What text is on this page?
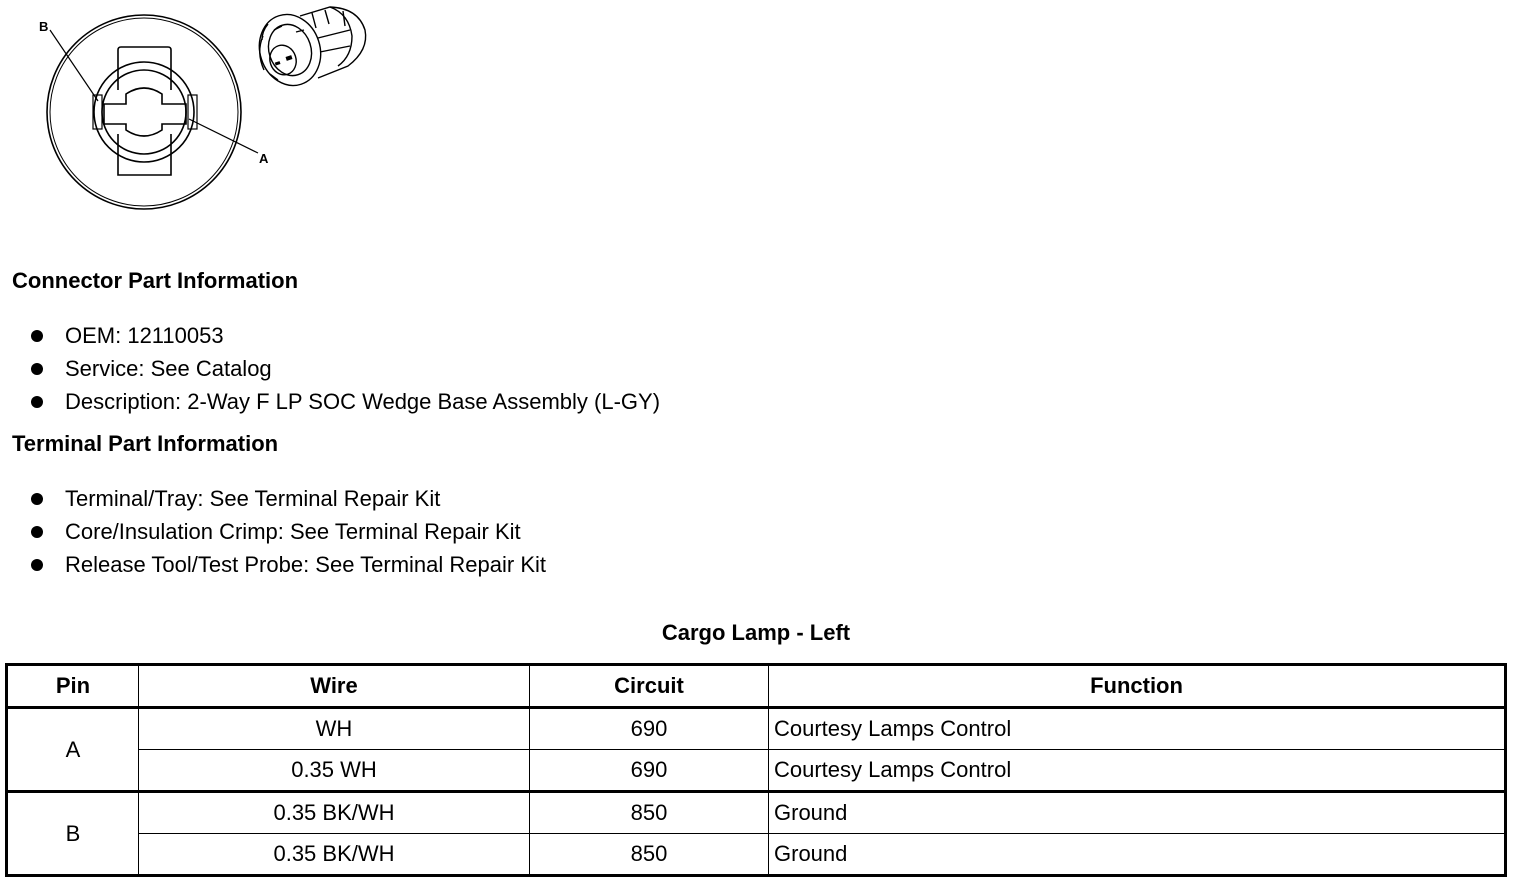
B
A
Connector Part Information
OEM: 12110053
Service: See Catalog
Description: 2-Way F LP SOC Wedge Base Assembly (L-GY)
Terminal Part Information
Terminal/Tray: See Terminal Repair Kit
Core/Insulation Crimp: See Terminal Repair Kit
Release Tool/Test Probe: See Terminal Repair Kit
Cargo Lamp - Left
Pin	Wire	Circuit	Function
A	WH	690	Courtesy Lamps Control
	0.35 WH	690	Courtesy Lamps Control
B	0.35 BK/WH	850	Ground
	0.35 BK/WH	850	Ground
